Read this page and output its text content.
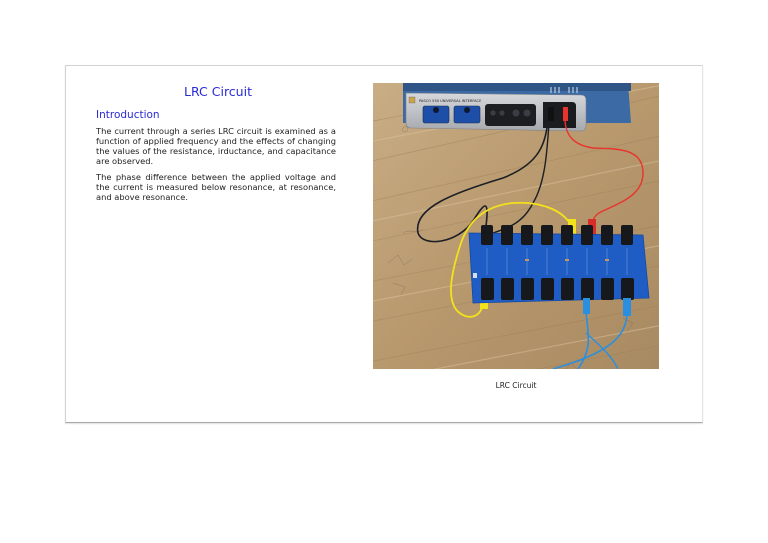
LRC Circuit
Introduction

The current through a series LRC circuit is examined as a function of applied frequency and the effects of changing the values of the resistance, irductance, and capacitance are observed.

The phase difference between the applied voltage and the current is measured below resonance, at resonance, and above resonance.

PASCO 550 UNIVERSAL INTERFACE
LRC Circuit
